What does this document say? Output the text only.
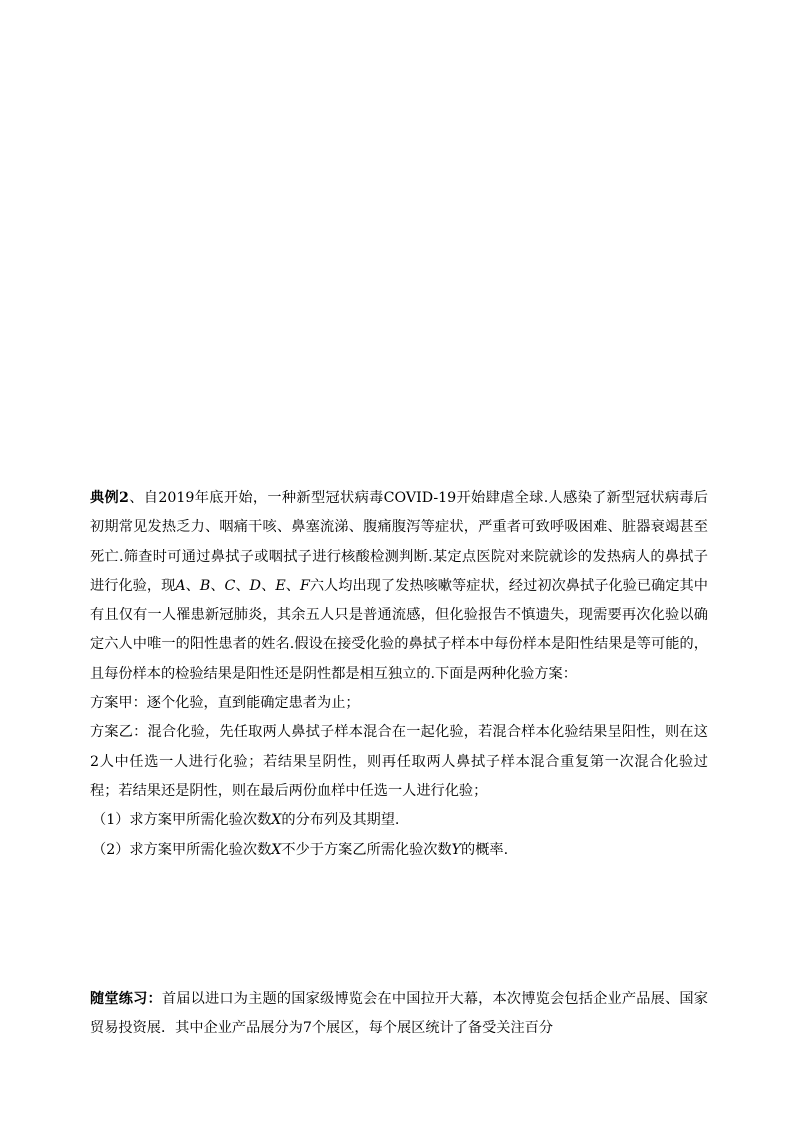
典例2、自2019年底开始，一种新型冠状病毒COVID-19开始肆虐全球.人感染了新型冠状病毒后初期常见发热乏力、咽痛干咳、鼻塞流涕、腹痛腹泻等症状，严重者可致呼吸困难、脏器衰竭甚至死亡.筛查时可通过鼻拭子或咽拭子进行核酸检测判断.某定点医院对来院就诊的发热病人的鼻拭子进行化验，现A、B、C、D、E、F六人均出现了发热咳嗽等症状，经过初次鼻拭子化验已确定其中有且仅有一人罹患新冠肺炎，其余五人只是普通流感，但化验报告不慎遗失，现需要再次化验以确定六人中唯一的阳性患者的姓名.假设在接受化验的鼻拭子样本中每份样本是阳性结果是等可能的，且每份样本的检验结果是阳性还是阴性都是相互独立的.下面是两种化验方案：

方案甲：逐个化验，直到能确定患者为止；

方案乙：混合化验，先任取两人鼻拭子样本混合在一起化验，若混合样本化验结果呈阳性，则在这2人中任选一人进行化验；若结果呈阴性，则再任取两人鼻拭子样本混合重复第一次混合化验过程；若结果还是阴性，则在最后两份血样中任选一人进行化验；

（1）求方案甲所需化验次数X的分布列及其期望.

（2）求方案甲所需化验次数X不少于方案乙所需化验次数Y的概率.

随堂练习：首届以进口为主题的国家级博览会在中国拉开大幕，本次博览会包括企业产品展、国家贸易投资展．其中企业产品展分为7个展区，每个展区统计了备受关注百分
